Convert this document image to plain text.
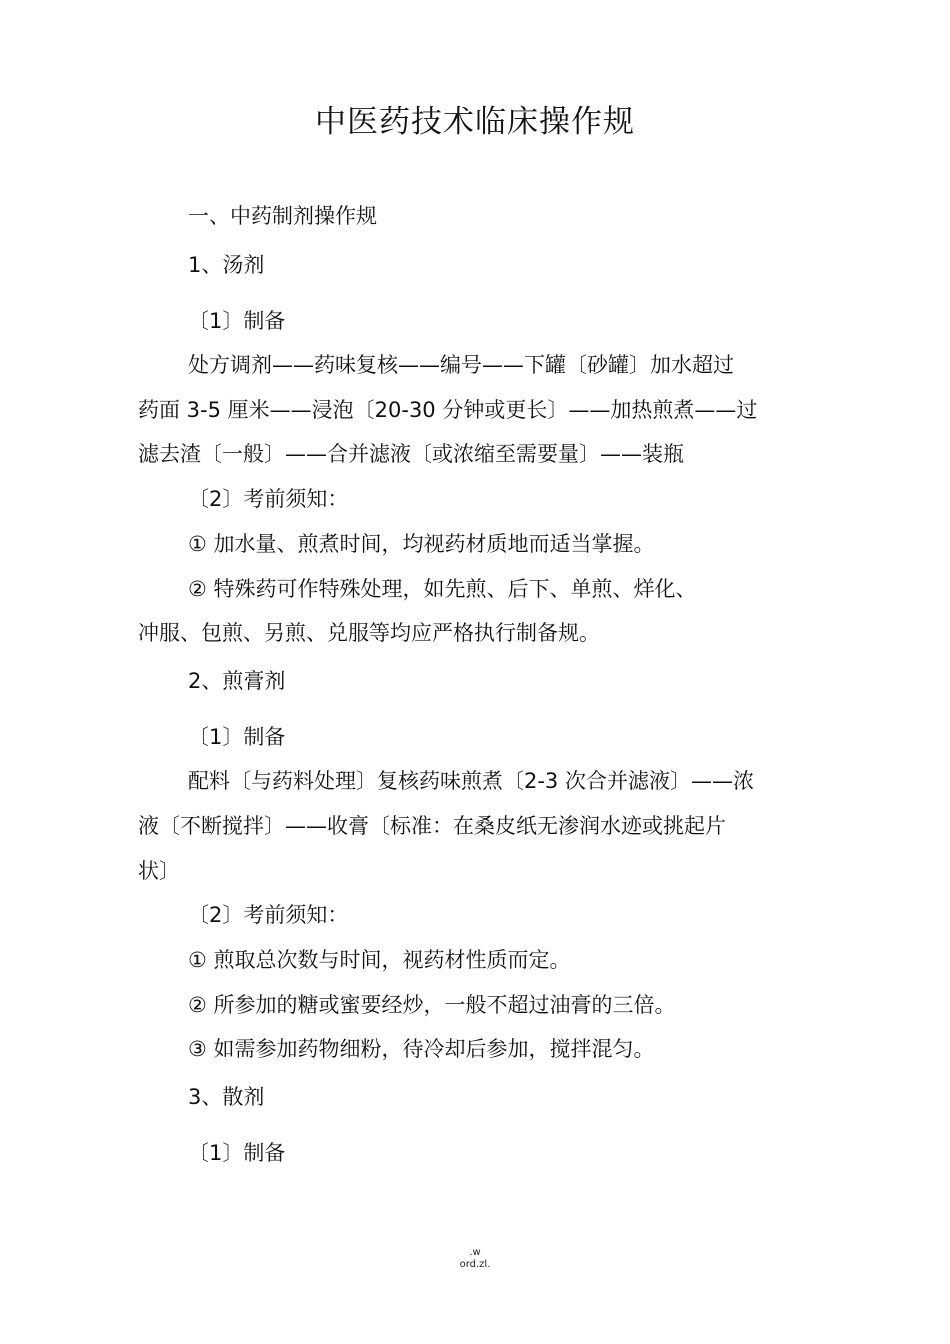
中医药技术临床操作规
一、中药制剂操作规
1、汤剂
〔1〕制备
处方调剂——药味复核——编号——下罐〔砂罐〕加水超过
药面 3-5 厘米——浸泡〔20-30 分钟或更长〕——加热煎煮——过
滤去渣〔一般〕——合并滤液〔或浓缩至需要量〕——装瓶
〔2〕考前须知：
① 加水量、煎煮时间，均视药材质地而适当掌握。
② 特殊药可作特殊处理，如先煎、后下、单煎、烊化、
冲服、包煎、另煎、兑服等均应严格执行制备规。
2、煎膏剂
〔1〕制备
配料〔与药料处理〕复核药味煎煮〔2-3 次合并滤液〕——浓
液〔不断搅拌〕——收膏〔标准：在桑皮纸无渗润水迹或挑起片
状〕
〔2〕考前须知：
① 煎取总次数与时间，视药材性质而定。
② 所参加的糖或蜜要经炒，一般不超过油膏的三倍。
③ 如需参加药物细粉，待冷却后参加，搅拌混匀。
3、散剂
〔1〕制备
.w
ord.zl.
